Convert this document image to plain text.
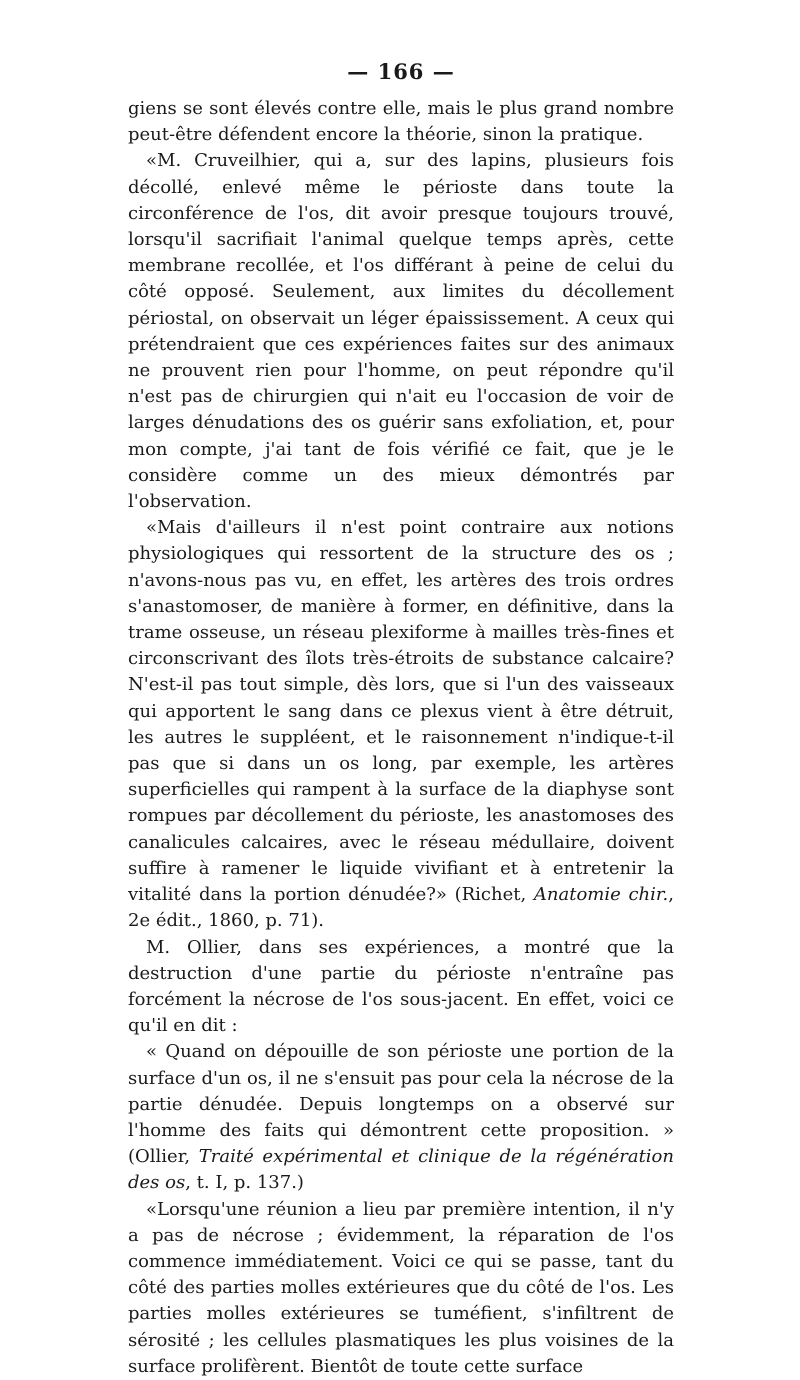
— 166 —

giens se sont élevés contre elle, mais le plus grand nombre peut-être défendent encore la théorie, sinon la pratique.

«M. Cruveilhier, qui a, sur des lapins, plusieurs fois décollé, enlevé même le périoste dans toute la circonférence de l'os, dit avoir presque toujours trouvé, lorsqu'il sacrifiait l'animal quelque temps après, cette membrane recollée, et l'os différant à peine de celui du côté opposé. Seulement, aux limites du décollement périostal, on observait un léger épaississement. A ceux qui prétendraient que ces expériences faites sur des animaux ne prouvent rien pour l'homme, on peut répondre qu'il n'est pas de chirurgien qui n'ait eu l'occasion de voir de larges dénudations des os guérir sans exfoliation, et, pour mon compte, j'ai tant de fois vérifié ce fait, que je le considère comme un des mieux démontrés par l'observation.

«Mais d'ailleurs il n'est point contraire aux notions physiologiques qui ressortent de la structure des os ; n'avons-nous pas vu, en effet, les artères des trois ordres s'anastomoser, de manière à former, en définitive, dans la trame osseuse, un réseau plexiforme à mailles très-fines et circonscrivant des îlots très-étroits de substance calcaire? N'est-il pas tout simple, dès lors, que si l'un des vaisseaux qui apportent le sang dans ce plexus vient à être détruit, les autres le suppléent, et le raisonnement n'indique-t-il pas que si dans un os long, par exemple, les artères superficielles qui rampent à la surface de la diaphyse sont rompues par décollement du périoste, les anastomoses des canalicules calcaires, avec le réseau médullaire, doivent suffire à ramener le liquide vivifiant et à entretenir la vitalité dans la portion dénudée?» (Richet, Anatomie chir., 2e édit., 1860, p. 71).

M. Ollier, dans ses expériences, a montré que la destruction d'une partie du périoste n'entraîne pas forcément la nécrose de l'os sous-jacent. En effet, voici ce qu'il en dit :

« Quand on dépouille de son périoste une portion de la surface d'un os, il ne s'ensuit pas pour cela la nécrose de la partie dénudée. Depuis longtemps on a observé sur l'homme des faits qui démontrent cette proposition. » (Ollier, Traité expérimental et clinique de la régénération des os, t. I, p. 137.)

«Lorsqu'une réunion a lieu par première intention, il n'y a pas de nécrose ; évidemment, la réparation de l'os commence immédiatement. Voici ce qui se passe, tant du côté des parties molles extérieures que du côté de l'os. Les parties molles extérieures se tuméfient, s'infiltrent de sérosité ; les cellules plasmatiques les plus voisines de la surface prolifèrent. Bientôt de toute cette surface
